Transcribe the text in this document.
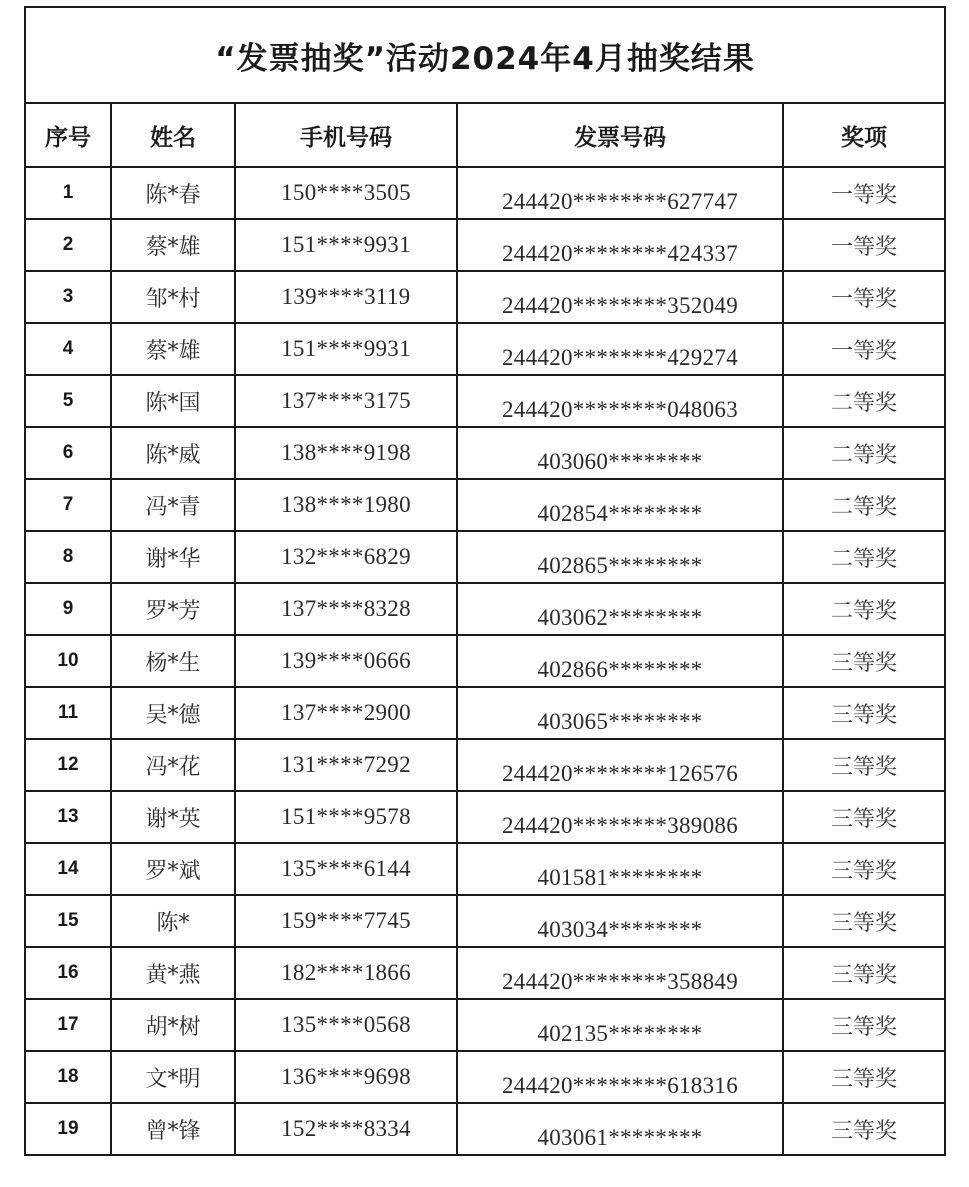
“发票抽奖”活动2024年4月抽奖结果				
序号	姓名	手机号码	发票号码	奖项
1	陈*春	150****3505	244420********627747	一等奖
2	蔡*雄	151****9931	244420********424337	一等奖
3	邹*村	139****3119	244420********352049	一等奖
4	蔡*雄	151****9931	244420********429274	一等奖
5	陈*国	137****3175	244420********048063	二等奖
6	陈*威	138****9198	403060********	二等奖
7	冯*青	138****1980	402854********	二等奖
8	谢*华	132****6829	402865********	二等奖
9	罗*芳	137****8328	403062********	二等奖
10	杨*生	139****0666	402866********	三等奖
11	吴*德	137****2900	403065********	三等奖
12	冯*花	131****7292	244420********126576	三等奖
13	谢*英	151****9578	244420********389086	三等奖
14	罗*斌	135****6144	401581********	三等奖
15	陈*	159****7745	403034********	三等奖
16	黄*燕	182****1866	244420********358849	三等奖
17	胡*树	135****0568	402135********	三等奖
18	文*明	136****9698	244420********618316	三等奖
19	曾*锋	152****8334	403061********	三等奖
